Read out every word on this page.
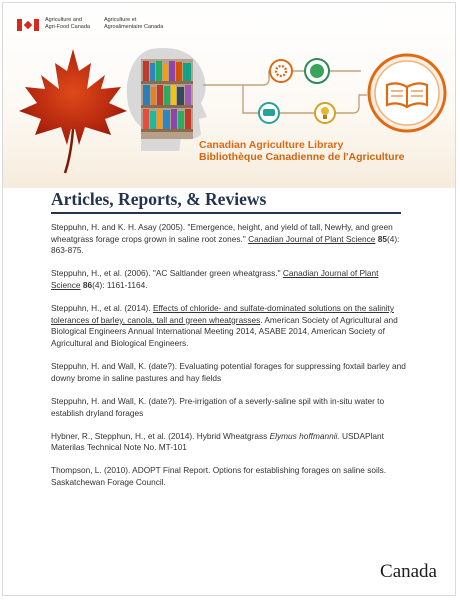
Agriculture and
Agri-Food Canada
Agriculture et
Agroalimentaire Canada
Canadian Agriculture Library
Bibliothèque Canadienne de l'Agriculture
Articles, Reports, & Reviews
Steppuhn, H. and K. H. Asay (2005). "Emergence, height, and yield of tall, NewHy, and green wheatgrass forage crops grown in saline root zones." Canadian Journal of Plant Science 85(4): 863-875.
Steppuhn, H., et al. (2006). "AC Saltlander green wheatgrass." Canadian Journal of Plant Science 86(4): 1161-1164.
Steppuhn, H., et al. (2014). Effects of chloride- and sulfate-dominated solutions on the salinity tolerances of barley, canola, tall and green wheatgrasses. American Society of Agricultural and Biological Engineers Annual International Meeting 2014, ASABE 2014, American Society of Agricultural and Biological Engineers.
Steppuhn, H. and Wall, K. (date?). Evaluating potential forages for suppressing foxtail barley and downy brome in saline pastures and hay fields
Steppuhn, H. and Wall, K. (date?). Pre-irrigation of a severly-saline spil with in-situ water to establish dryland forages
Hybner, R., Stepphun, H., et al. (2014). Hybrid Wheatgrass Elymus hoffmannii. USDAPlant Materilas Technical Note No. MT-101
Thompson, L. (2010). ADOPT Final Report. Options for establishing forages on saline soils. Saskatchewan Forage Council.
Canada
